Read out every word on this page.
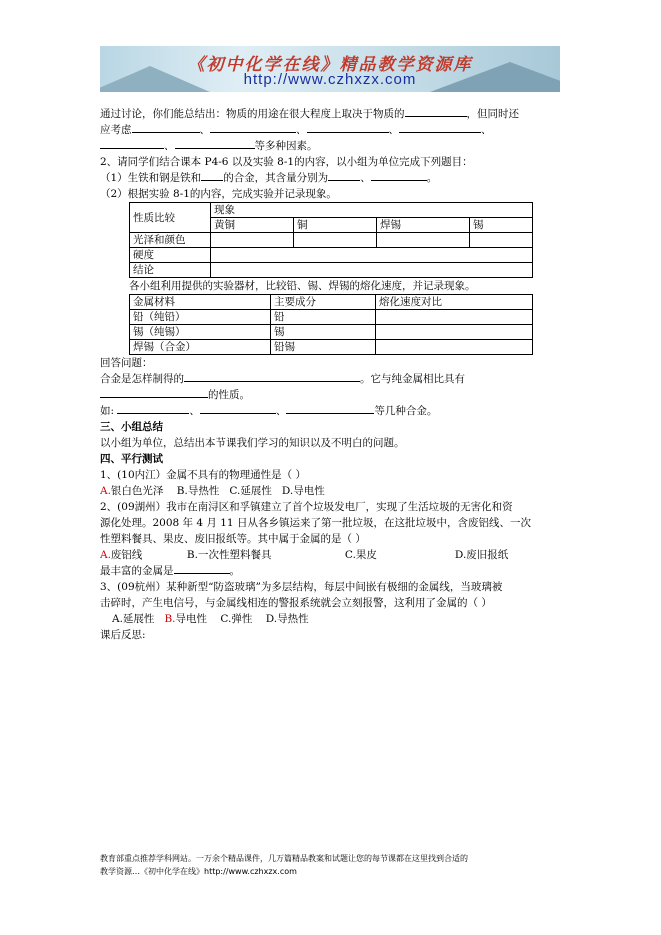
《初中化学在线》精品教学资源库
http://www.czhxzx.com
通过讨论，你们能总结出：物质的用途在很大程度上取决于物质的	，但同时还
应考虑	、	、	、	、
、	等多种因素。
2、请同学们结合课本 P4-6 以及实验 8-1的内容，以小组为单位完成下列题目：
（1）生铁和钢是铁和 的合金，其含量分别为	、	。
（2）根据实验 8-1的内容，完成实验并记录现象。
性质比较	现象			
	黄铜	铜	焊锡	锡
光泽和颜色				
硬度				
结论				
各小组利用提供的实验器材，比较铅、锡、焊锡的熔化速度，并记录现象。
金属材料	主要成分	熔化速度对比
铅（纯铅）	铅	
锡（纯锡）	锡	
焊锡（合金）	铅锡	
回答问题：
合金是怎样制得的	。它与纯金属相比具有
的性质。
如:	、	、	等几种合金。
三、小组总结
以小组为单位，总结出本节课我们学习的知识以及不明白的问题。
四、平行测试
1、(10内江）金属不具有的物理通性是（ ）
A.银白色光泽 B.导热性 C.延展性 D.导电性
2、(09湖州）我市在南浔区和孚镇建立了首个垃圾发电厂，实现了生活垃圾的无害化和资
源化处理。2008 年 4 月 11 日从各乡镇运来了第一批垃圾，在这批垃圾中，含废铝线、一次
性塑料餐具、果皮、废旧报纸等。其中属于金属的是（ ）
A.废铝线	B.一次性塑料餐具	C.果皮	D.废旧报纸
最丰富的金属是	。
3、(09杭州）某种新型“防盗玻璃”为多层结构，每层中间嵌有极细的金属线，当玻璃被
击碎时，产生电信号，与金属线相连的警报系统就会立刻报警，这利用了金属的（ ）
A.延展性 B.导电性 C.弹性 D.导热性
课后反思:
教育部重点推荐学科网站。一万余个精品课件，几万篇精品教案和试题让您的每节课都在这里找到合适的
教学资源…《初中化学在线》http://www.czhxzx.com
